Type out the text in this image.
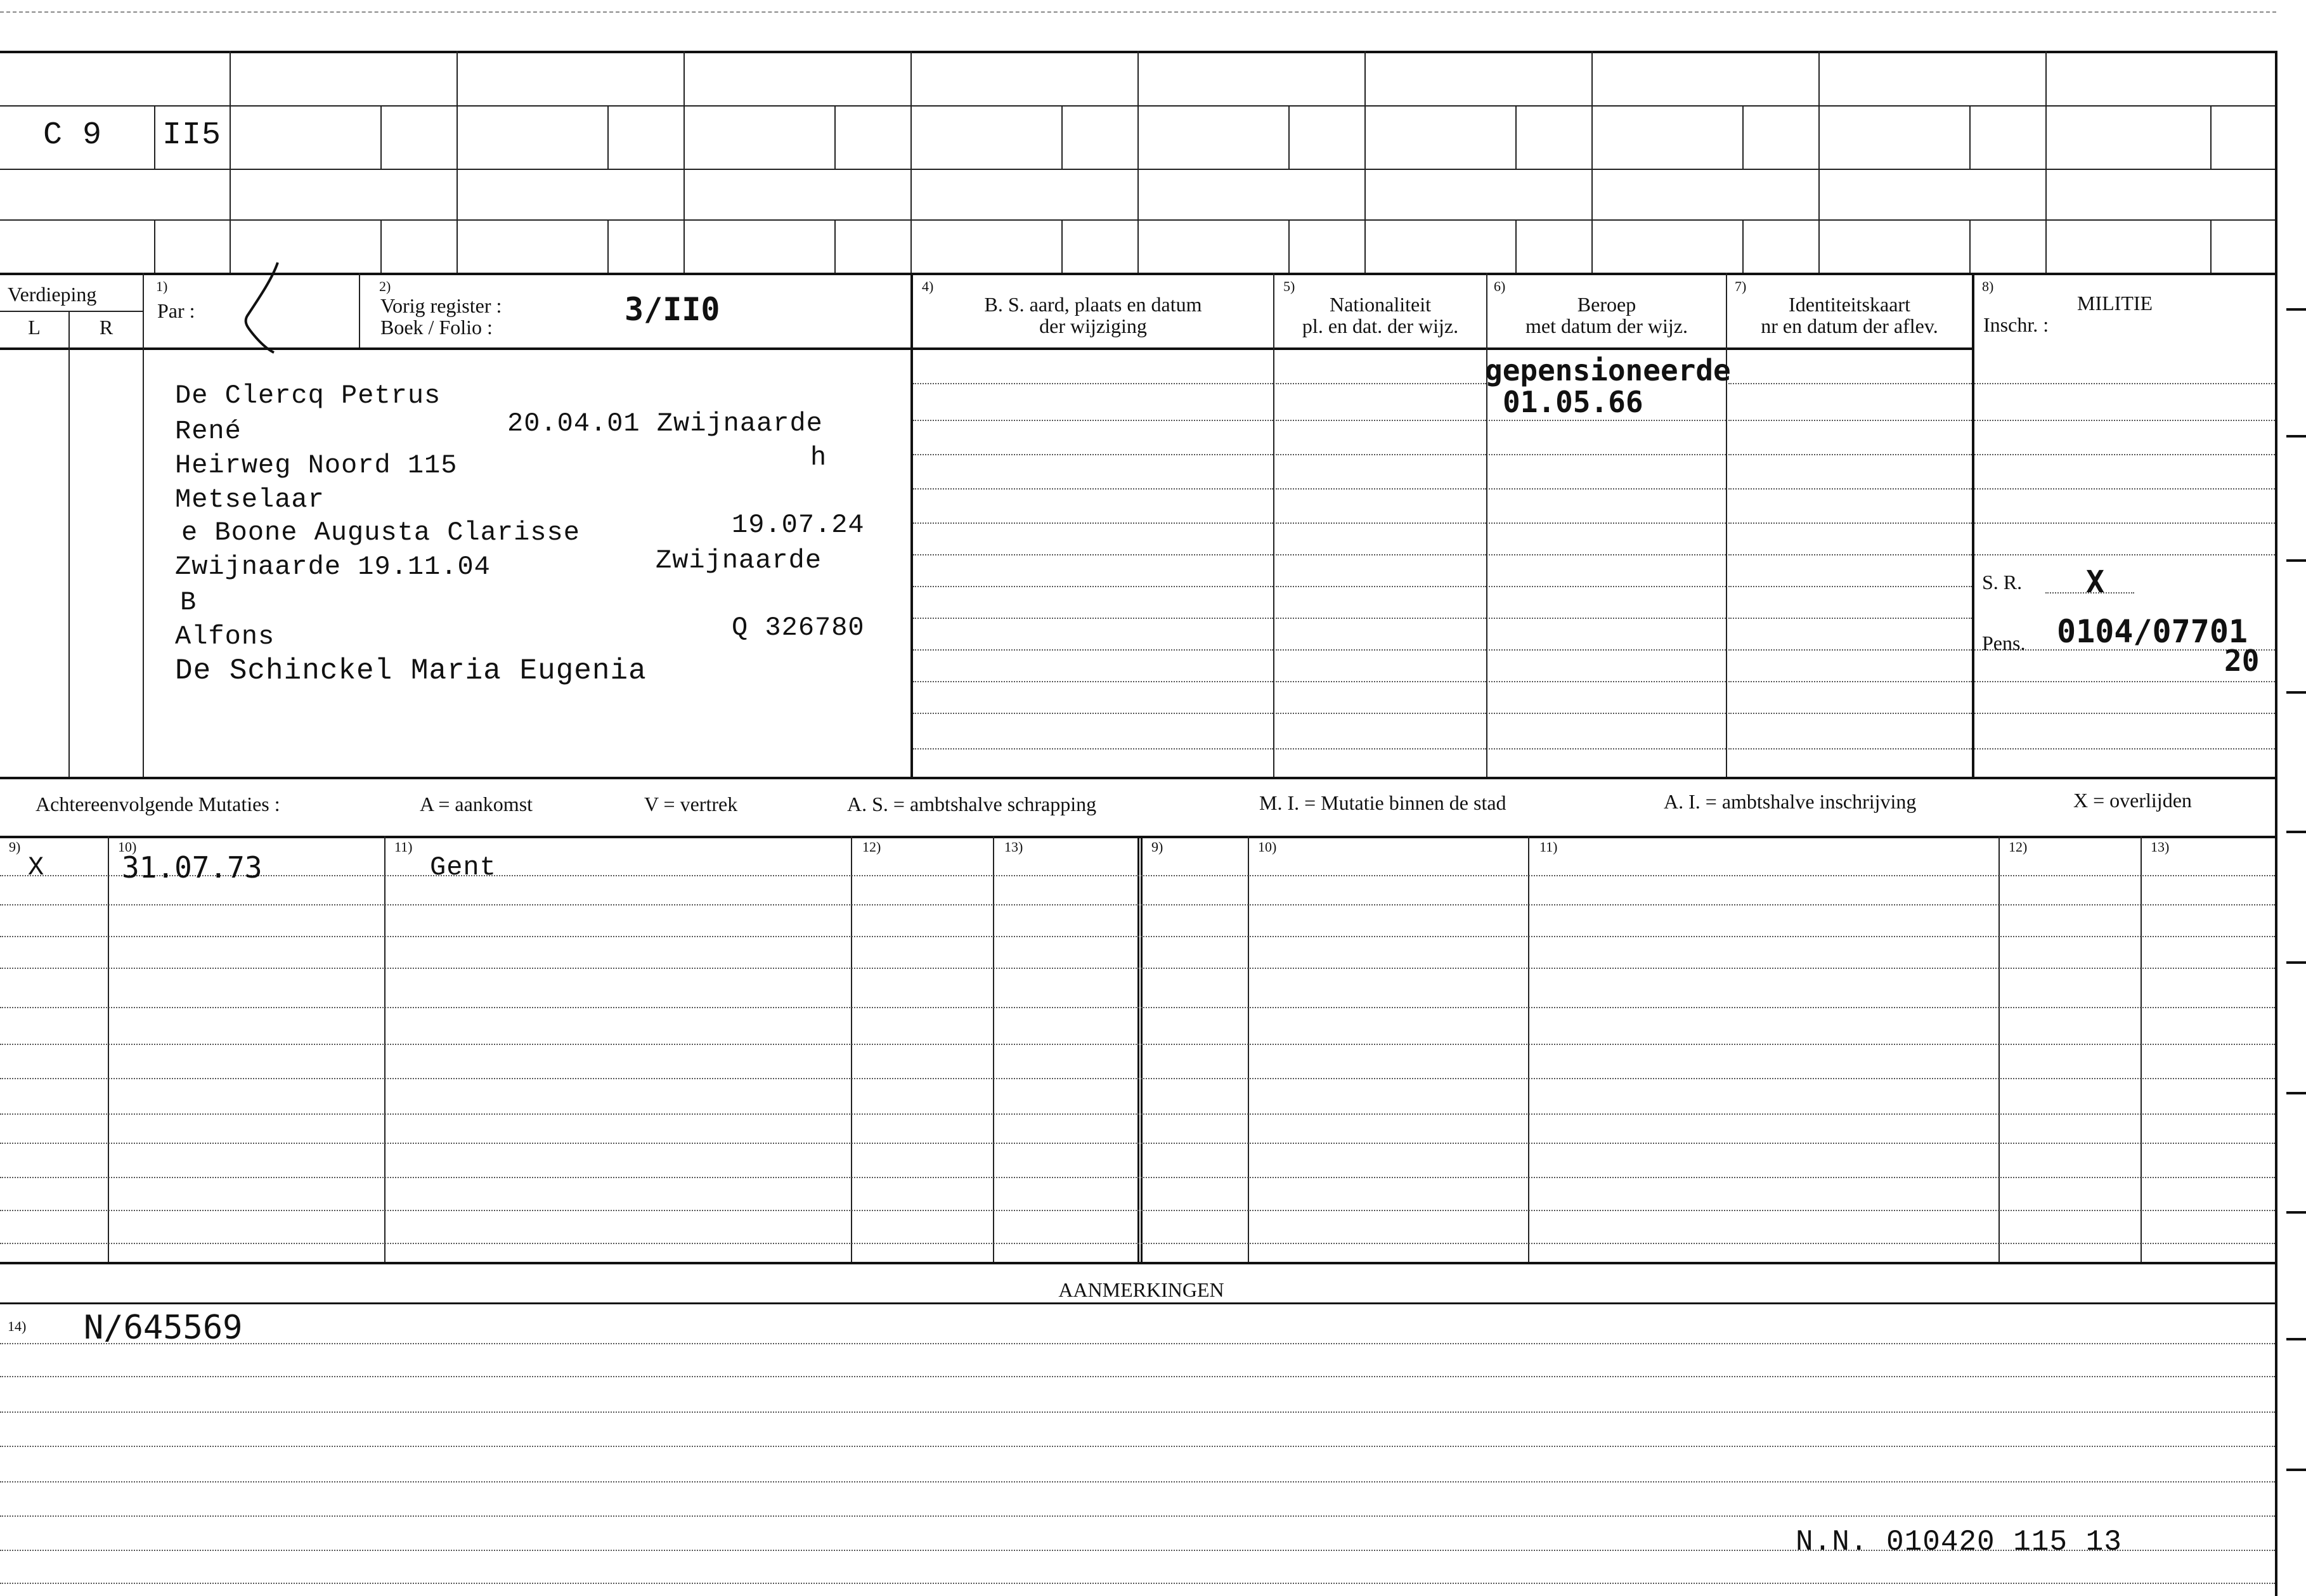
C 9 II5
Verdieping
L	R
1)
Par :
2)
Vorig register :
Boek / Folio :	3/II0
4)
B. S. aard, plaats en datum
der wijziging
5)
Nationaliteit
pl. en dat. der wijz.
6)
Beroep
met datum der wijz.
7)
Identiteitskaart
nr en datum der aflev.
8)
MILITIE
Inschr. :
De Clercq Petrus
René	20.04.01 Zwijnaarde
Heirweg Noord 115	h
Metselaar
e Boone Augusta Clarisse	19.07.24
Zwijnaarde 19.11.04	Zwijnaarde
B
Alfons	Q 326780
De Schinckel Maria Eugenia
gepensioneerde
01.05.66
S. R. X
Pens. 0104/07701
20
Achtereenvolgende Mutaties :	A = aankomst	V = vertrek	A. S. = ambtshalve schrapping	M. I. = Mutatie binnen de stad	A. I. = ambtshalve inschrijving	X = overlijden
9)	10)	11)	12)	13)	9)	10)	11)	12)	13)
X	31.07.73	Gent
AANMERKINGEN
14) N/645569
N.N. 010420 115 13
